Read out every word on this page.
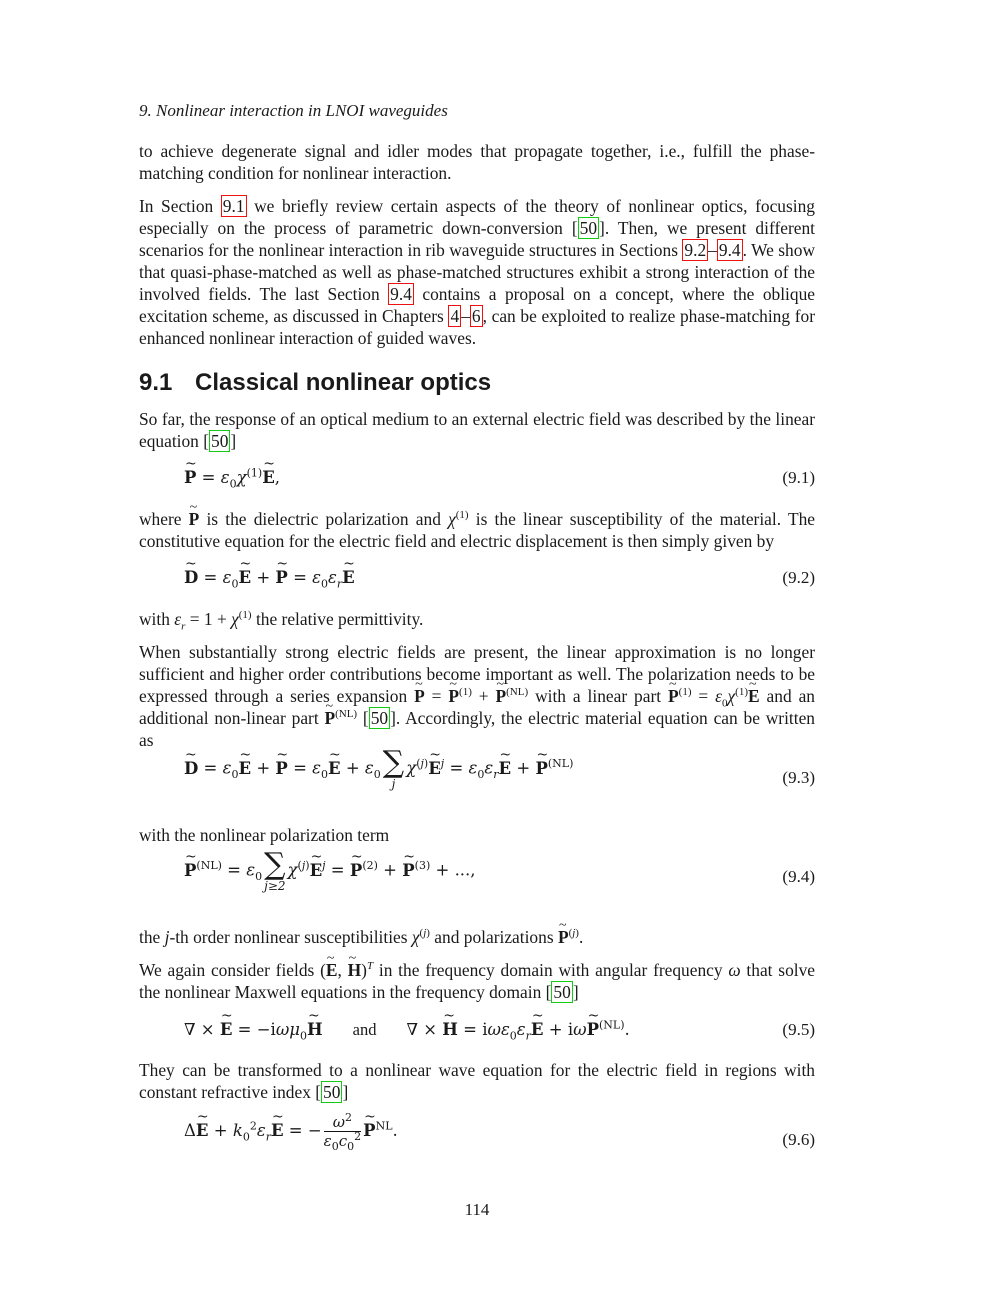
9. Nonlinear interaction in LNOI waveguides

to achieve degenerate signal and idler modes that propagate together, i.e., fulfill the phase-matching condition for nonlinear interaction.

In Section 9.1 we briefly review certain aspects of the theory of nonlinear optics, focusing especially on the process of parametric down-conversion [ 50 ]. Then, we present different scenarios for the nonlinear interaction in rib waveguide structures in Sections 9.2 – 9.4 . We show that quasi-phase-matched as well as phase-matched structures exhibit a strong interaction of the involved fields. The last Section 9.4 contains a proposal on a concept, where the oblique excitation scheme, as discussed in Chapters 4 – 6 , can be exploited to realize phase-matching for enhanced nonlinear interaction of guided waves.

9.1 Classical nonlinear optics

So far, the response of an optical medium to an external electric field was described by the linear equation [ 50 ]

~ $P = \varepsilon_0\chi^{(1)}\sim$ E,	(9.1)

where ~ P is the dielectric polarization and $\chi^{(1)}$ is the linear susceptibility of the material. The constitutive equation for the electric field and electric displacement is then simply given by

~ $D = \varepsilon_0\sim$ E + ~ $P = \varepsilon_0\varepsilon_r\sim$ E	(9.2)

with $\varepsilon_r = 1 + \chi^{(1)}$ the relative permittivity.

When substantially strong electric fields are present, the linear approximation is no longer sufficient and higher order contributions become important as well. The polarization needs to be expressed through a series expansion ~ P = ~ $P^{(1)}$ + ~ $P^{(NL)}$ with a linear part ~ $P^{(1)}$ = $\varepsilon_0\chi^{(1)}\sim$ E and an additional non-linear part ~ $P^{(NL)}$ [ 50 ]. Accordingly, the electric material equation can be written as

~ $D = \varepsilon_0\sim$ E + ~ $P = \varepsilon_0\sim$ $E + \varepsilon_0$ ∑
j
$\chi^{(j)}\sim$ $E^j$ = $\varepsilon_0\varepsilon_r\sim$ E + ~ $P^{(NL)}$
(9.3)

with the nonlinear polarization term

~ $P^{(NL)} = \varepsilon_0$ ∑
j≥2
$\chi^{(j)}\sim$ $E^j$ = ~ $P^{(2)}$ + ~ $P^{(3)}$ + ...,	(9.4)

the j-th order nonlinear susceptibilities $\chi^{(j)}$ and polarizations ~ $P^{(j)}$.

We again consider fields (~ E, ~ H)$^T$ in the frequency domain with angular frequency ω that solve the nonlinear Maxwell equations in the frequency domain [ 50 ]

∇ × ~ E = −iωμ$_0$~ H and ∇ × ~ $H = i\omega\varepsilon_0\varepsilon_r\sim$ E + iω~ $P^{(NL)}$.	(9.5)

They can be transformed to a nonlinear wave equation for the electric field in regions with constant refractive index [ 50 ]

Δ~ $E + k_0^2\varepsilon_r\sim$ E = − $\frac{\omega^2}{\varepsilon_0c_0^2}$
~ $P^{NL}$.	(9.6)
114
